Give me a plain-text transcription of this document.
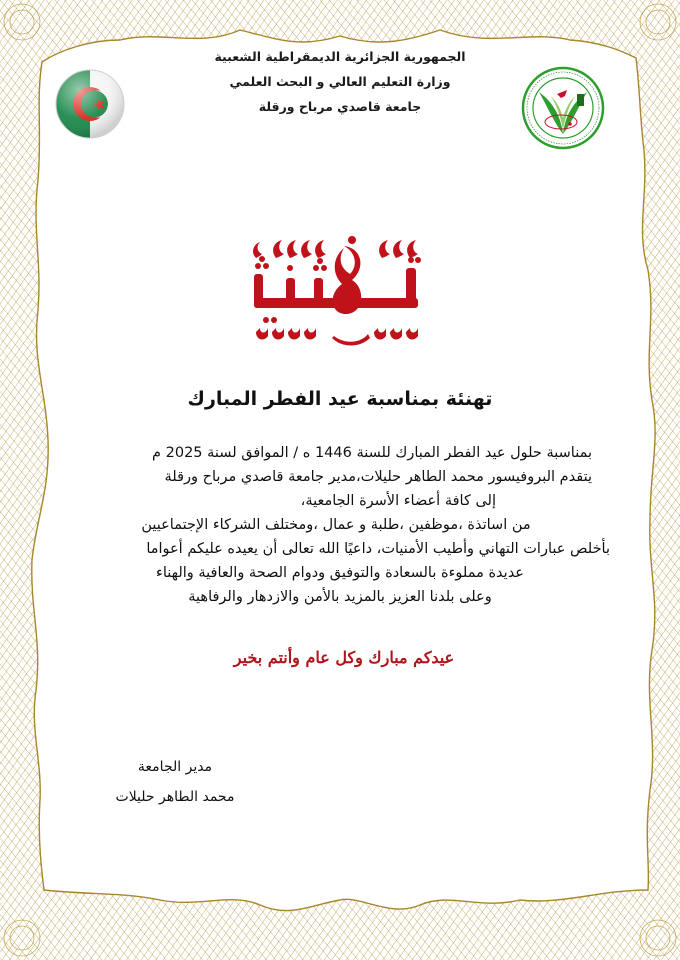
الجمهورية الجزائرية الديمقراطية الشعبية
وزارة التعليم العالي و البحث العلمي
جامعة قاصدي مرباح ورقلة
تهنئة بمناسبة عيد الفطر المبارك
بمناسبة حلول عيد الفطر المبارك للسنة 1446 ه / الموافق لسنة 2025 م
يتقدم البروفيسور محمد الطاهر حليلات،مدير جامعة قاصدي مرباح ورقلة
إلى كافة أعضاء الأسرة الجامعية،
من اساتذة ،موظفين ،طلبة و عمال ،ومختلف الشركاء الإجتماعيين
بأخلص عبارات التهاني وأطيب الأمنيات، داعيًا الله تعالى أن يعيده عليكم أعواما
عديدة مملوءة بالسعادة والتوفيق ودوام الصحة والعافية والهناء
وعلى بلدنا العزيز بالمزيد بالأمن والازدهار والرفاهية
عيدكم مبارك وكل عام وأنتم بخير
مدير الجامعة
محمد الطاهر حليلات
